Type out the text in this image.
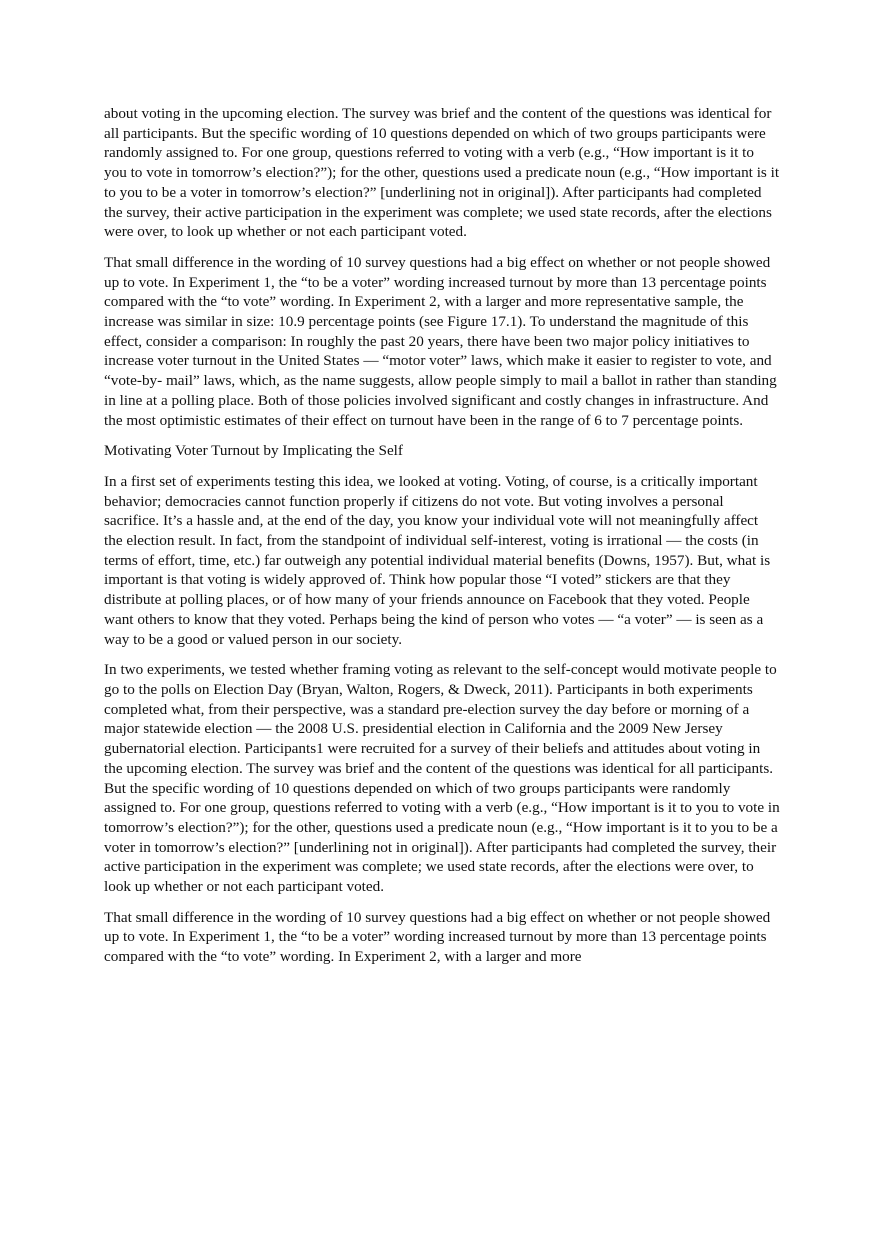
about voting in the upcoming election. The survey was brief and the content of the questions was identical for all participants. But the specific wording of 10 questions depended on which of two groups participants were randomly assigned to. For one group, questions referred to voting with a verb (e.g., “How important is it to you to vote in tomorrow’s election?”); for the other, questions used a predicate noun (e.g., “How important is it to you to be a voter in tomorrow’s election?” [underlining not in original]). After participants had completed the survey, their active participation in the experiment was complete; we used state records, after the elections were over, to look up whether or not each participant voted.

That small difference in the wording of 10 survey questions had a big effect on whether or not people showed up to vote. In Experiment 1, the “to be a voter” wording increased turnout by more than 13 percentage points compared with the “to vote” wording. In Experiment 2, with a larger and more representative sample, the increase was similar in size: 10.9 percentage points (see Figure 17.1). To understand the magnitude of this effect, consider a comparison: In roughly the past 20 years, there have been two major policy initiatives to increase voter turnout in the United States — “motor voter” laws, which make it easier to register to vote, and “vote-by- mail” laws, which, as the name suggests, allow people simply to mail a ballot in rather than standing in line at a polling place. Both of those policies involved significant and costly changes in infrastructure. And the most optimistic estimates of their effect on turnout have been in the range of 6 to 7 percentage points.

Motivating Voter Turnout by Implicating the Self

In a first set of experiments testing this idea, we looked at voting. Voting, of course, is a critically important behavior; democracies cannot function properly if citizens do not vote. But voting involves a personal sacrifice. It’s a hassle and, at the end of the day, you know your individual vote will not meaningfully affect the election result. In fact, from the standpoint of individual self-interest, voting is irrational — the costs (in terms of effort, time, etc.) far outweigh any potential individual material benefits (Downs, 1957). But, what is important is that voting is widely approved of. Think how popular those “I voted” stickers are that they distribute at polling places, or of how many of your friends announce on Facebook that they voted. People want others to know that they voted. Perhaps being the kind of person who votes — “a voter” — is seen as a way to be a good or valued person in our society.

In two experiments, we tested whether framing voting as relevant to the self-concept would motivate people to go to the polls on Election Day (Bryan, Walton, Rogers, & Dweck, 2011). Participants in both experiments completed what, from their perspective, was a standard pre-election survey the day before or morning of a major statewide election — the 2008 U.S. presidential election in California and the 2009 New Jersey gubernatorial election. Participants1 were recruited for a survey of their beliefs and attitudes about voting in the upcoming election. The survey was brief and the content of the questions was identical for all participants. But the specific wording of 10 questions depended on which of two groups participants were randomly assigned to. For one group, questions referred to voting with a verb (e.g., “How important is it to you to vote in tomorrow’s election?”); for the other, questions used a predicate noun (e.g., “How important is it to you to be a voter in tomorrow’s election?” [underlining not in original]). After participants had completed the survey, their active participation in the experiment was complete; we used state records, after the elections were over, to look up whether or not each participant voted.

That small difference in the wording of 10 survey questions had a big effect on whether or not people showed up to vote. In Experiment 1, the “to be a voter” wording increased turnout by more than 13 percentage points compared with the “to vote” wording. In Experiment 2, with a larger and more
